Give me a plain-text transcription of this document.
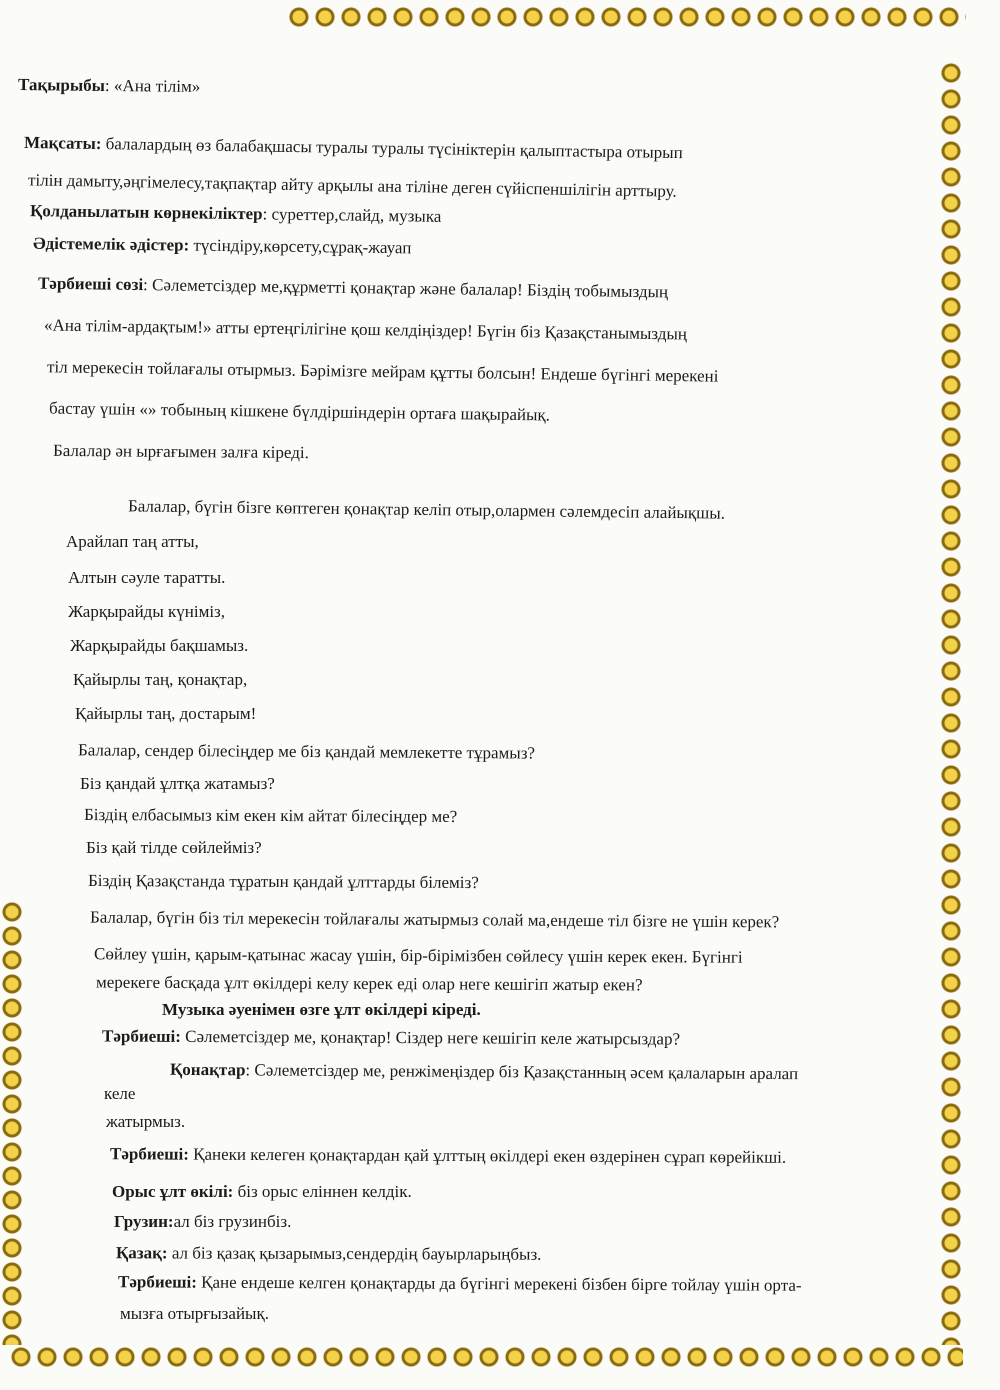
Тақырыбы: «Ана тілім»
Мақсаты: балалардың өз балабақшасы туралы туралы түсініктерін қалыптастыра отырып
тілін дамыту,әңгімелесу,тақпақтар айту арқылы ана тіліне деген сүйіспеншілігін арттыру.
Қолданылатын көрнекіліктер: суреттер,слайд, музыка
Әдістемелік әдістер: түсіндіру,көрсету,сұрақ-жауап
Тәрбиеші сөзі: Сәлеметсіздер ме,құрметті қонақтар және балалар! Біздің тобымыздың
«Ана тілім-ардақтым!» атты ертеңгілігіне қош келдіңіздер! Бүгін біз Қазақстанымыздың
тіл мерекесін тойлағалы отырмыз. Бәрімізге мейрам құтты болсын! Ендеше бүгінгі мерекені
бастау үшін «» тобының кішкене бүлдіршіндерін ортаға шақырайық.
Балалар ән ырғағымен залға кіреді.
Балалар, бүгін бізге көптеген қонақтар келіп отыр,олармен сәлемдесіп алайықшы.
Арайлап таң атты,
Алтын сәуле таратты.
Жарқырайды күніміз,
Жарқырайды бақшамыз.
Қайырлы таң, қонақтар,
Қайырлы таң, достарым!
Балалар, сендер білесіңдер ме біз қандай мемлекетте тұрамыз?
Біз қандай ұлтқа жатамыз?
Біздің елбасымыз кім екен кім айтат білесіңдер ме?
Біз қай тілде сөйлейміз?
Біздің Қазақстанда тұратын қандай ұлттарды білеміз?
Балалар, бүгін біз тіл мерекесін тойлағалы жатырмыз солай ма,ендеше тіл бізге не үшін керек?
Сөйлеу үшін, қарым-қатынас жасау үшін, бір-бірімізбен сөйлесу үшін керек екен. Бүгінгі
мерекеге басқада ұлт өкілдері келу керек еді олар неге кешігіп жатыр екен?
Музыка әуенімен өзге ұлт өкілдері кіреді.
Тәрбиеші: Сәлеметсіздер ме, қонақтар! Сіздер неге кешігіп келе жатырсыздар?
Қонақтар: Сәлеметсіздер ме, ренжімеңіздер біз Қазақстанның әсем қалаларын аралап
келе
жатырмыз.
Тәрбиеші: Қанеки келеген қонақтардан қай ұлттың өкілдері екен өздерінен сұрап көрейікші.
Орыс ұлт өкілі: біз орыс еліннен келдік.
Грузин:ал біз грузинбіз.
Қазақ: ал біз қазақ қызарымыз,сендердің бауырларыңбыз.
Тәрбиеші: Қане ендеше келген қонақтарды да бүгінгі мерекені бізбен бірге тойлау үшін орта-
мызға отырғызайық.
